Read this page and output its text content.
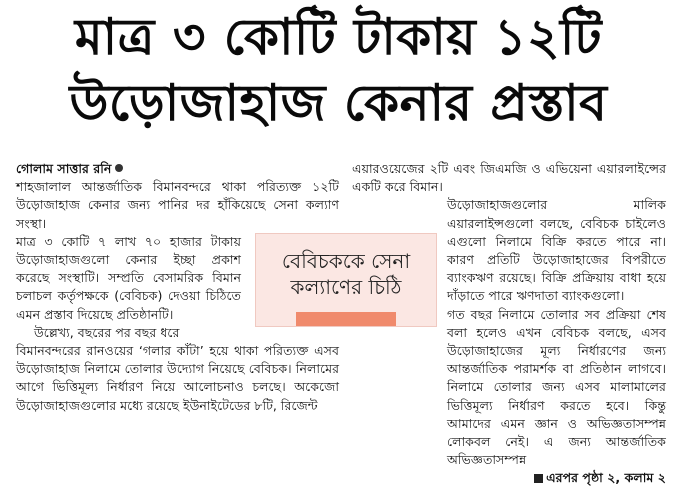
মাত্র ৩ কোটি টাকায় ১২টি
উড়োজাহাজ কেনার প্রস্তাব
গোলাম সাত্তার রনি

শাহজালাল আন্তর্জাতিক বিমানবন্দরে থাকা পরিত্যক্ত ১২টি উড়োজাহাজ কেনার জন্য পানির দর হাঁকিয়েছে সেনা কল্যাণ সংস্থা।

মাত্র ৩ কোটি ৭ লাখ ৭০ হাজার টাকায় উড়োজাহাজগুলো কেনার ইচ্ছা প্রকাশ করেছে সংস্থাটি। সম্প্রতি বেসামরিক বিমান চলাচল কর্তৃপক্ষকে (বেবিচক) দেওয়া চিঠিতে এমন প্রস্তাব দিয়েছে প্রতিষ্ঠানটি।

উল্লেখ্য, বছরের পর বছর ধরে

বিমানবন্দরের রানওয়ের ‘গলার কাঁটা’ হয়ে থাকা পরিত্যক্ত এসব উড়োজাহাজ নিলামে তোলার উদ্যোগ নিয়েছে বেবিচক। নিলামের আগে ভিত্তিমূল্য নির্ধারণ নিয়ে আলোচনাও চলছে। অকেজো উড়োজাহাজগুলোর মধ্যে রয়েছে ইউনাইটেডের ৮টি, রিজেন্ট

এয়ারওয়েজের ২টি এবং জিএমজি ও এভিয়েনা এয়ারলাইন্সের একটি করে বিমান।

উড়োজাহাজগুলোর মালিক এয়ারলাইন্সগুলো বলছে, বেবিচক চাইলেও এগুলো নিলামে বিক্রি করতে পারে না। কারণ প্রতিটি উড়োজাহাজের বিপরীতে ব্যাংকঋণ রয়েছে। বিক্রি প্রক্রিয়ায় বাধা হয়ে দাঁড়াতে পারে ঋণদাতা ব্যাংকগুলো।

গত বছর নিলামে তোলার সব প্রক্রিয়া শেষ বলা হলেও এখন বেবিচক বলছে, এসব উড়োজাহাজের মূল্য নির্ধারণের জন্য আন্তর্জাতিক পরামর্শক বা প্রতিষ্ঠান লাগবে। নিলামে তোলার জন্য এসব মালামালের ভিত্তিমূল্য নির্ধারণ করতে হবে। কিন্তু আমাদের এমন জ্ঞান ও অভিজ্ঞতাসম্পন্ন লোকবল নেই। এ জন্য আন্তর্জাতিক অভিজ্ঞতাসম্পন্ন

এরপর পৃষ্ঠা ২, কলাম ২

বেবিচককে সেনা
কল্যাণের চিঠি
